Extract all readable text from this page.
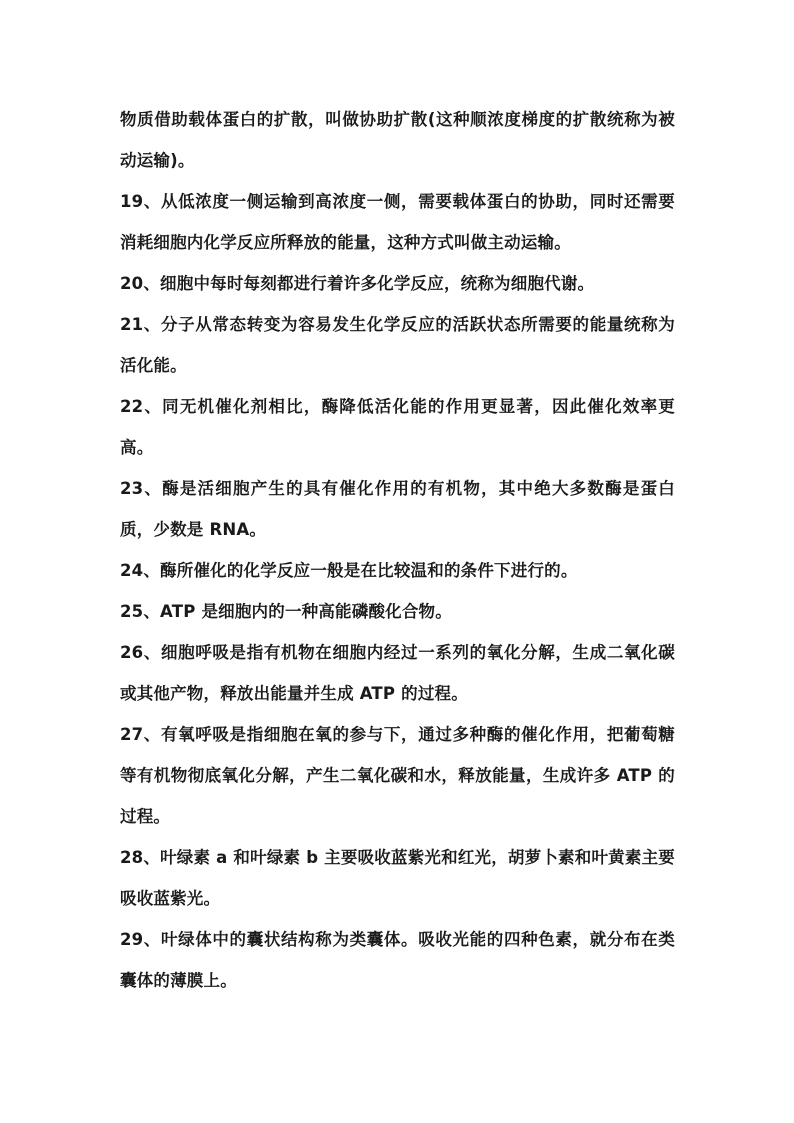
物质借助载体蛋白的扩散，叫做协助扩散(这种顺浓度梯度的扩散统称为被动运输)。

19、从低浓度一侧运输到高浓度一侧，需要载体蛋白的协助，同时还需要消耗细胞内化学反应所释放的能量，这种方式叫做主动运输。

20、细胞中每时每刻都进行着许多化学反应，统称为细胞代谢。

21、分子从常态转变为容易发生化学反应的活跃状态所需要的能量统称为活化能。

22、同无机催化剂相比，酶降低活化能的作用更显著，因此催化效率更高。

23、酶是活细胞产生的具有催化作用的有机物，其中绝大多数酶是蛋白质，少数是 RNA。

24、酶所催化的化学反应一般是在比较温和的条件下进行的。

25、ATP 是细胞内的一种高能磷酸化合物。

26、细胞呼吸是指有机物在细胞内经过一系列的氧化分解，生成二氧化碳或其他产物，释放出能量并生成 ATP 的过程。

27、有氧呼吸是指细胞在氧的参与下，通过多种酶的催化作用，把葡萄糖等有机物彻底氧化分解，产生二氧化碳和水，释放能量，生成许多 ATP 的过程。

28、叶绿素 a 和叶绿素 b 主要吸收蓝紫光和红光，胡萝卜素和叶黄素主要吸收蓝紫光。

29、叶绿体中的囊状结构称为类囊体。吸收光能的四种色素，就分布在类囊体的薄膜上。
